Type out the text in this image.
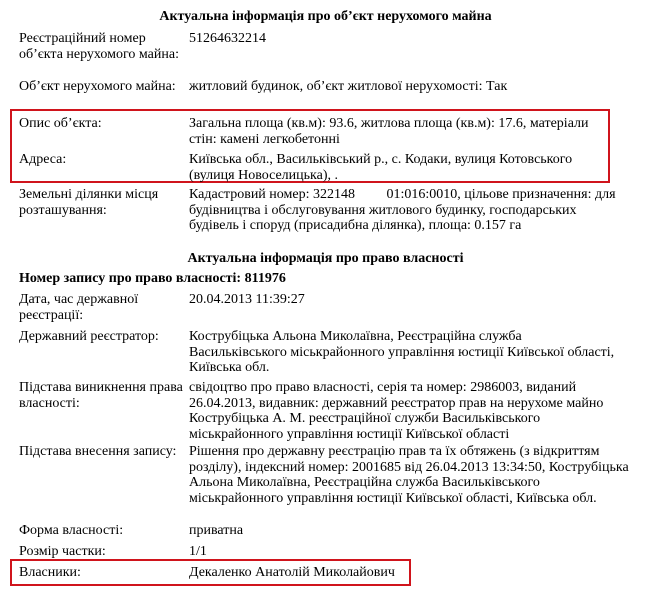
Актуальна інформація про об’єкт нерухомого майна
Реєстраційний номер об’єкта нерухомого майна:
51264632214
Об’єкт нерухомого майна: житловий будинок, об’єкт житлової нерухомості: Так
Опис об’єкта:	Загальна площа (кв.м): 93.6, житлова площа (кв.м): 17.6, матеріали стін: камені легкобетонні
Адреса:	Київська обл., Васильківський р., с. Кодаки, вулиця Котовського (вулиця Новоселицька), .
Земельні ділянки місця розташування:
Кадастровий номер: 322148         01:016:0010, цільове призначення: для будівництва і обслуговування житлового будинку, господарських будівель і споруд (присадибна ділянка), площа: 0.157 га
Актуальна інформація про право власності
Номер запису про право власності: 811976
Дата, час державної реєстрації:
20.04.2013 11:39:27
Державний реєстратор:	Кострубіцька Альона Миколаївна, Реєстраційна служба Васильківського міськрайонного управління юстиції Київської області, Київська обл.
Підстава виникнення права власності:
свідоцтво про право власності, серія та номер: 2986003, виданий 26.04.2013, видавник: державний реєстратор прав на нерухоме майно Кострубіцька А. М. реєстраційної служби Васильківського міськрайонного управління юстиції Київської області
Підстава внесення запису: Рішення про державну реєстрацію прав та їх обтяжень (з відкриттям розділу), індексний номер: 2001685 від 26.04.2013 13:34:50, Кострубіцька Альона Миколаївна, Реєстраційна служба Васильківського міськрайонного управління юстиції Київської області, Київська обл.
Форма власності:	приватна
Розмір частки:	1/1
Власники:	Декаленко Анатолій Миколайович
